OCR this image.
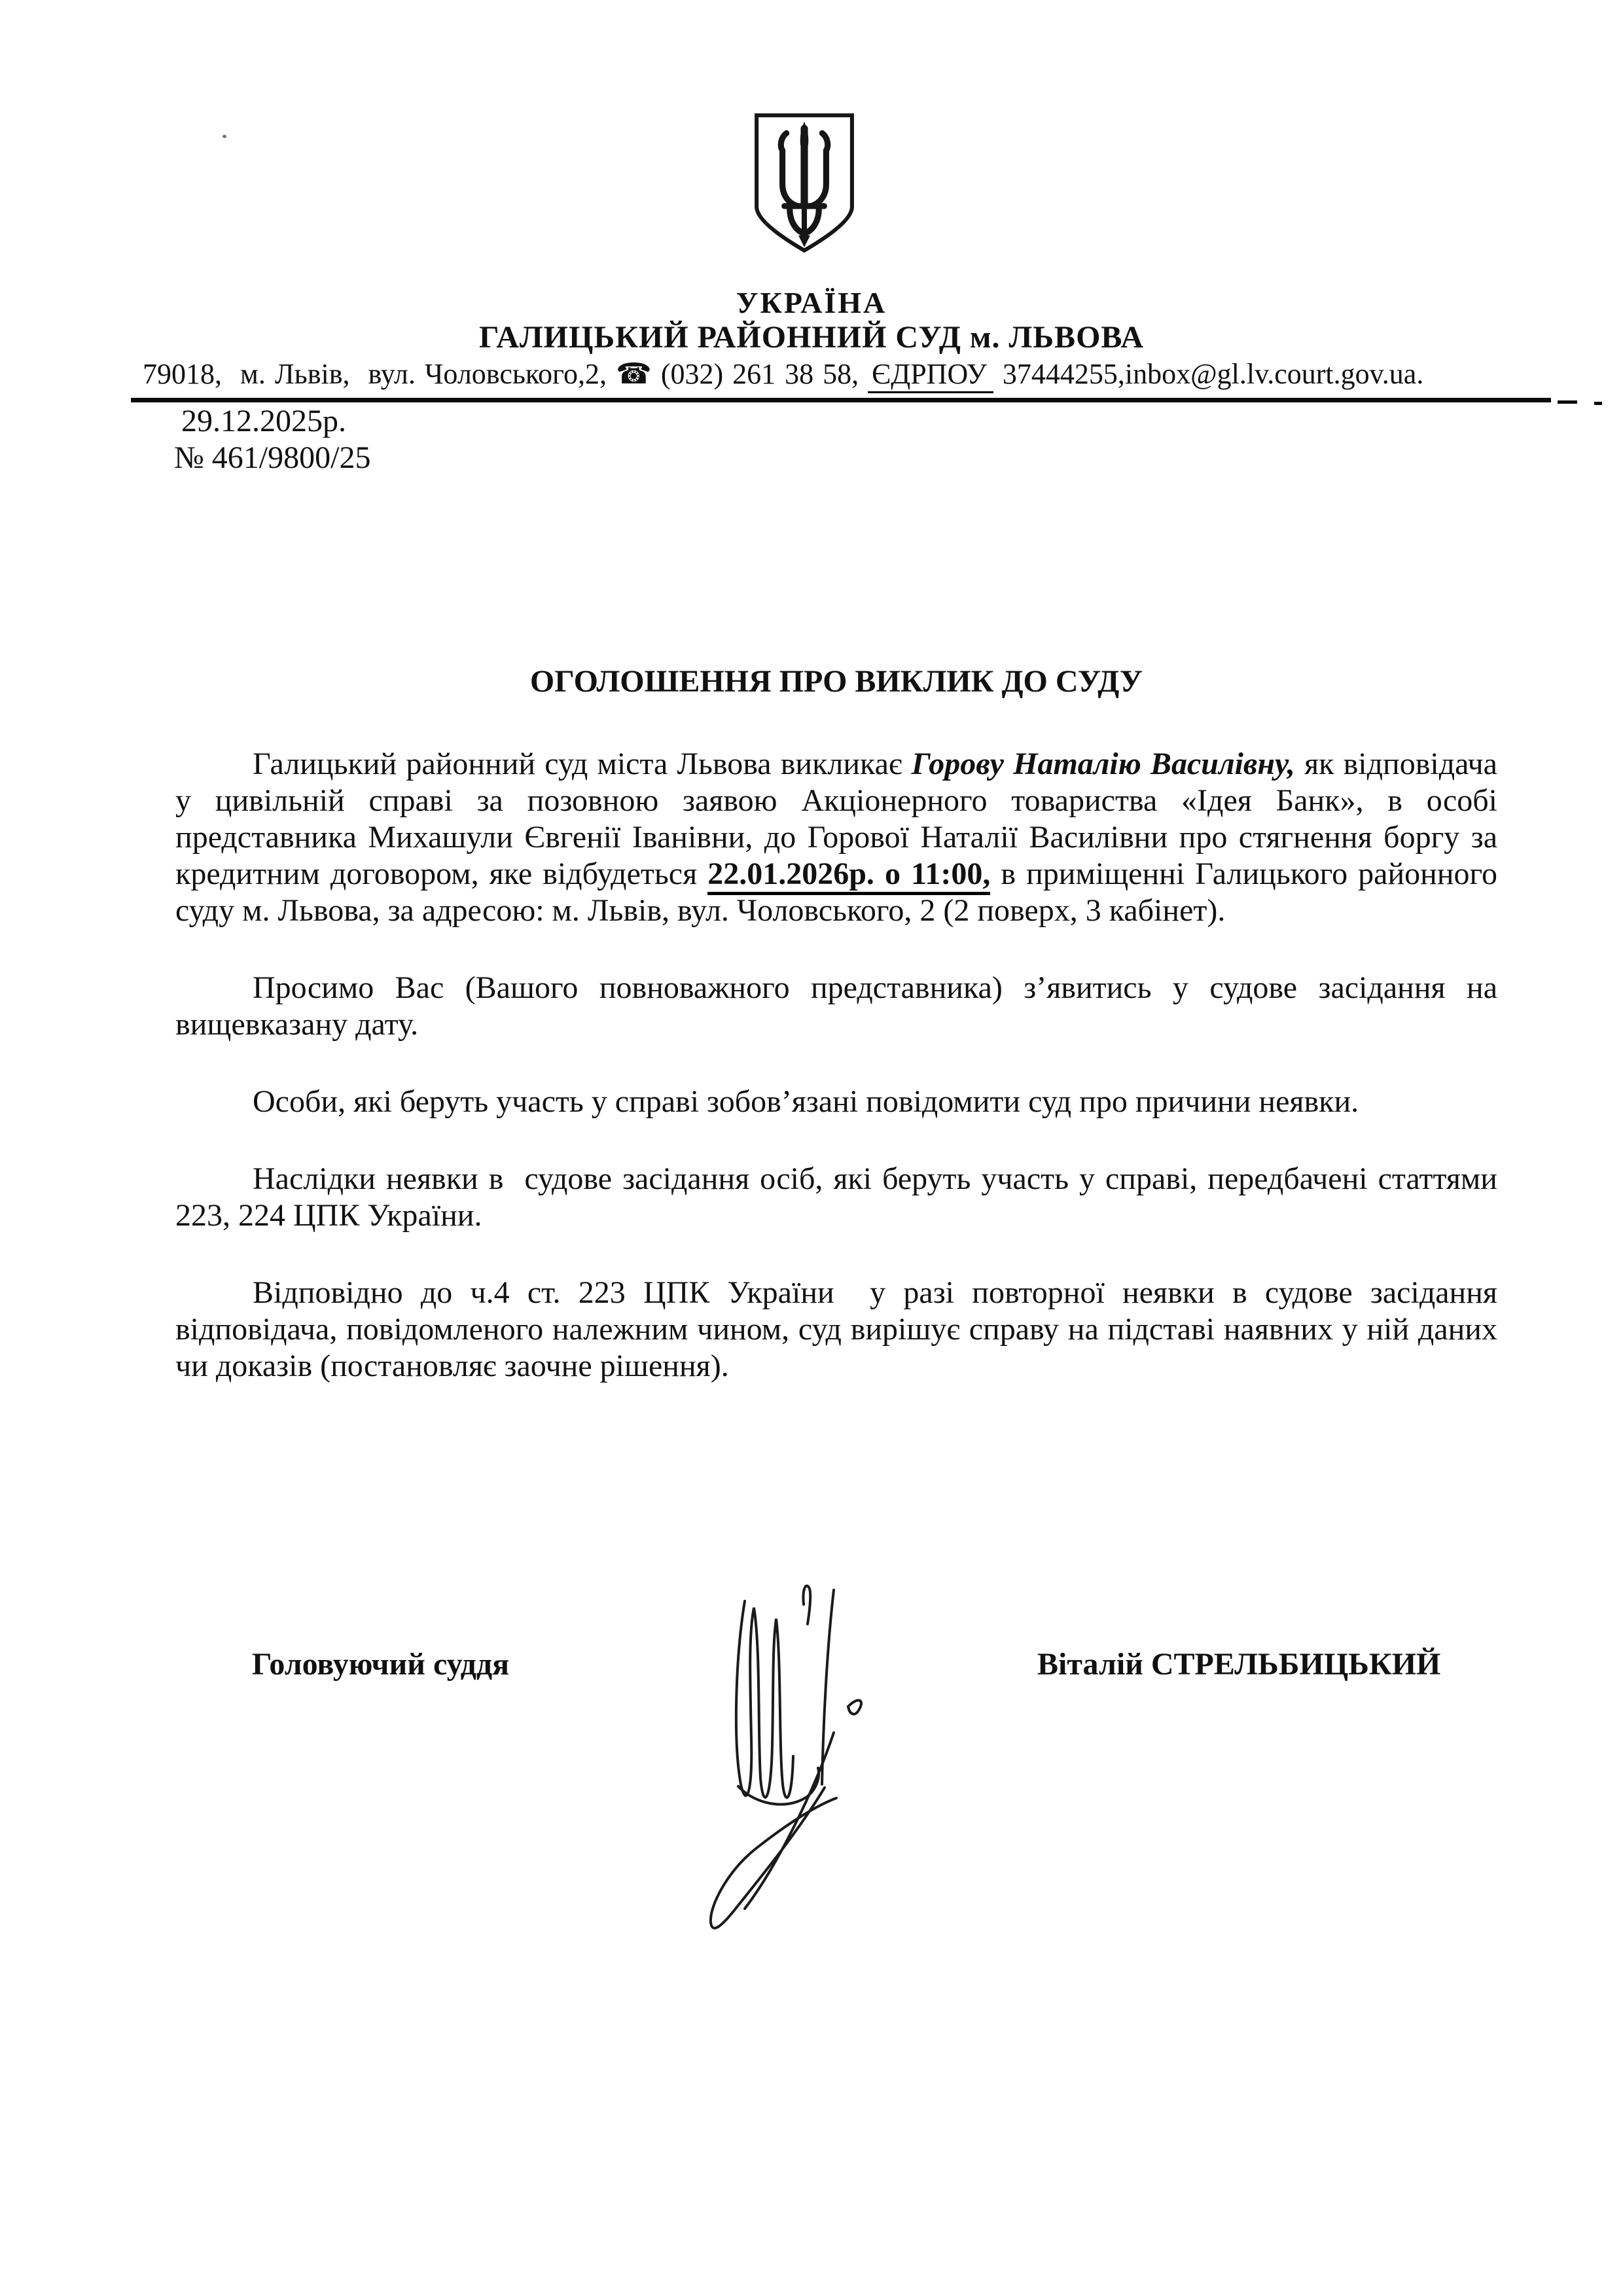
УКРАЇНА
ГАЛИЦЬКИЙ РАЙОННИЙ СУД м. ЛЬВОВА
79018,  м. Львів,  вул. Чоловського,2, ☎ (032) 261 38 58, ЄДРПОУ 37444255,inbox@gl.lv.court.gov.ua.
29.12.2025р.
№ 461/9800/25
ОГОЛОШЕННЯ ПРО ВИКЛИК ДО СУДУ

Галицький районний суд міста Львова викликає Горову Наталію Василівну, як відповідача у цивільній справі за позовною заявою Акціонерного товариства «Ідея Банк», в особі представника Михашули Євгенії Іванівни, до Горової Наталії Василівни про стягнення боргу за кредитним договором, яке відбудеться 22.01.2026р. о 11:00, в приміщенні Галицького районного суду м. Львова, за адресою: м. Львів, вул. Чоловського, 2 (2 поверх, 3 кабінет).

Просимо Вас (Вашого повноважного представника) з’явитись у судове засідання на вищевказану дату.

Особи, які беруть участь у справі зобов’язані повідомити суд про причини неявки.

Наслідки неявки в  судове засідання осіб, які беруть участь у справі, передбачені статтями 223, 224 ЦПК України.

Відповідно до ч.4 ст. 223 ЦПК України  у разі повторної неявки в судове засідання відповідача, повідомленого належним чином, суд вирішує справу на підставі наявних у ній даних чи доказів (постановляє заочне рішення).

Головуючий суддя	Віталій СТРЕЛЬБИЦЬКИЙ
